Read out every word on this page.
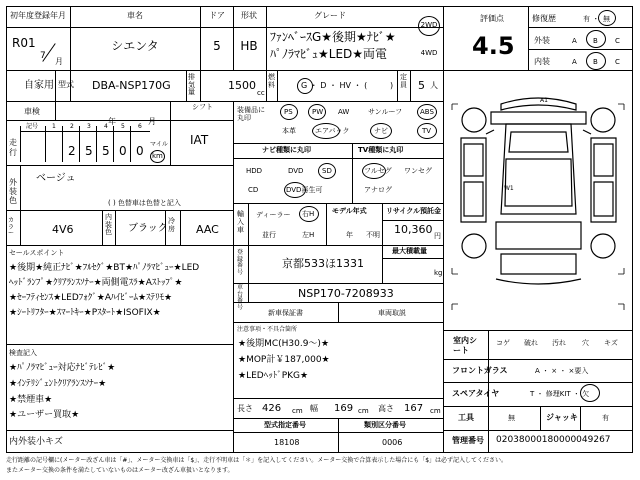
初年度登録年月	車名	ドア 形状	グレード
R01
7
月
シエンタ	5 HB
ﾌｧﾝﾍﾞｰｽG★後期★ﾅﾋﾞ★
ﾊﾟﾉﾗﾏﾋﾞｭ★LED★両電
2WD
4WD
自家用 型式 DBA-NSP170G
排気量
1500
cc
燃料	G ・ D ・ HV ・ (	)
定員 5 人
車検
年	月
シフト
IAT
走行
記号 1 2 3 4 5 6
2 5 5 0 0 マイル
km
外装色
ベージュ
( ) 色替車は色替と記入
カラー	4V6
内装色 ブラック
冷房 AAC
セールスポイント
★後期★純正ﾅﾋﾞ★ﾌﾙｾｸﾞ★BT★ﾊﾟﾉﾗﾏﾋﾞｭｰ★LED
ﾍｯﾄﾞﾗﾝﾌﾟ★ｸﾘｱﾗﾝｽｿﾅｰ★両側電ｽﾗ★Aｽﾄｯﾌﾟ★
★ｾｰﾌﾃｨｾﾝｽ★LEDﾌｫｸﾞ★Aﾊｲﾋﾞｰﾑ★ｽﾃﾘﾓ★
★ｼｰﾄﾘﾌﾀｰ★ｽﾏｰﾄｷｰ★Pｽﾀｰﾄ★ISOFIX★
検査記入
★ﾊﾟﾉﾗﾏﾋﾞｭｰ対応ﾅﾋﾞﾃﾚﾋﾞ★
★ｲﾝﾃﾘｼﾞｪﾝﾄｸﾘｱﾗﾝｽｿﾅｰ★
★禁煙車★
★ユーザー買取★
内外装小キズ
装備品に丸印
PS	PW AW	サンルーフ	ABS
本革	エアバック	ナビ	TV
ナビ種類に丸印	TV種類に丸印
HDD	DVD	SD
CD	DVD再生可
フルセグ ワンセグ
アナログ
輸入車
ディーラー 右H
並行	左H
モデル年式
年 不明
リサイクル預託金
10,360 円
登録番号
京都533ほ1331
最大積載量
kg
車台番号
NSP170-7208933
新車保証書	車両取説
注意事項・不具合箇所
★後期MC(H30.9～)★
★MOP計￥187,000★
★LEDﾍｯﾄﾞPKG★
長さ 426 cm 幅 169 cm 高さ 167 cm
型式指定番号	類別区分番号
18108	0006
評価点
4.5
修復歴	有 ・ 無
外装	A B C
内装	A B C
A1
W1
室内シート
コゲ 破れ 汚れ 穴 キズ
フロントガラス	A ・ × ・ ×要入
スペアタイヤ	T ・ 修理KIT ・ 欠
工具	無	ジャッキ	有
管理番号 020380001800000492​67
走行距離の記号欄に(メーター改ざん車は「#」、メーター交換車は「$」、走行不明車は「＊」を記入してください。メーター交換で合算表示した場合にも「$」は必ず記入してください。
またメーター交換の条件を満たしていないものはメーター改ざん車扱いとなります。
